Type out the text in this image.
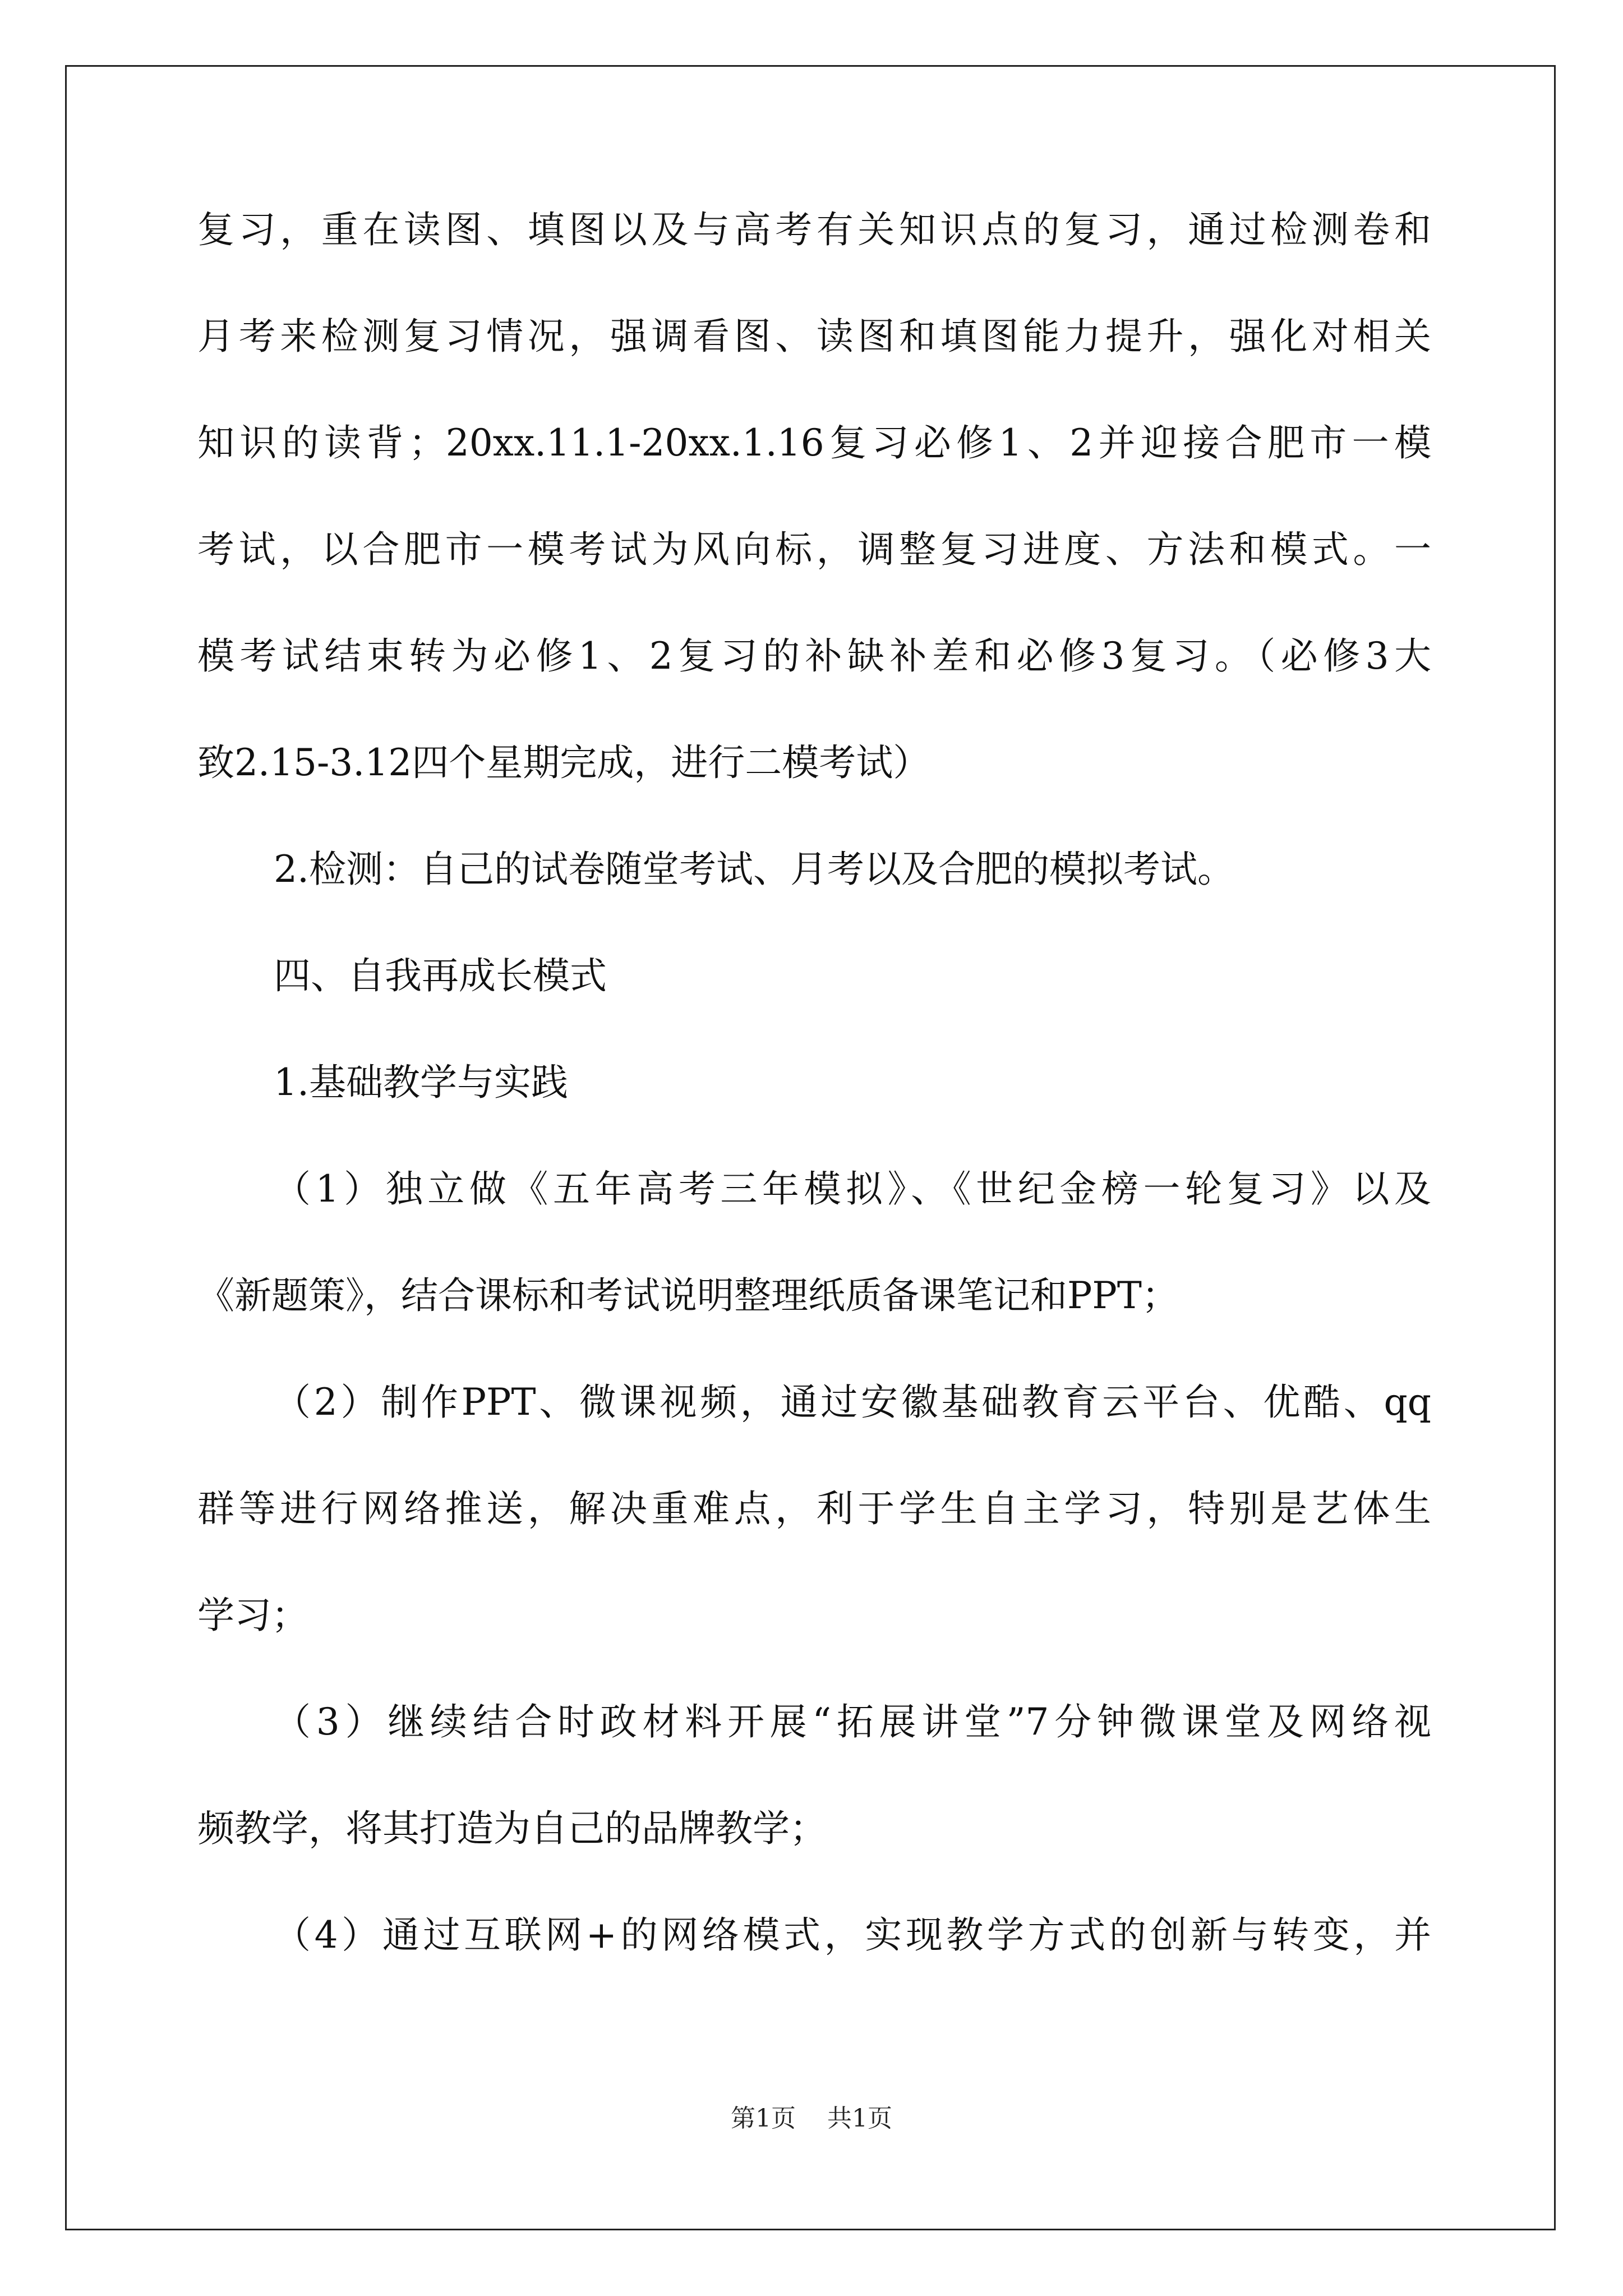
复习，重在读图、填图以及与高考有关知识点的复习，通过检测卷和
月考来检测复习情况，强调看图、读图和填图能力提升，强化对相关
知识的读背；20xx.11.1-20xx.1.16复习必修1、2并迎接合肥市一模
考试，以合肥市一模考试为风向标，调整复习进度、方法和模式。一
模考试结束转为必修1、2复习的补缺补差和必修3复习。（必修3大
致2.15-3.12四个星期完成，进行二模考试）
2.检测：自己的试卷随堂考试、月考以及合肥的模拟考试。
四、自我再成长模式
1.基础教学与实践
（1）独立做《五年高考三年模拟》、《世纪金榜一轮复习》以及
《新题策》，结合课标和考试说明整理纸质备课笔记和PPT；
（2）制作PPT、微课视频，通过安徽基础教育云平台、优酷、qq
群等进行网络推送，解决重难点，利于学生自主学习，特别是艺体生
学习；
（3）继续结合时政材料开展“拓展讲堂”7分钟微课堂及网络视
频教学，将其打造为自己的品牌教学；
（4）通过互联网+的网络模式，实现教学方式的创新与转变，并
第1页 共1页
